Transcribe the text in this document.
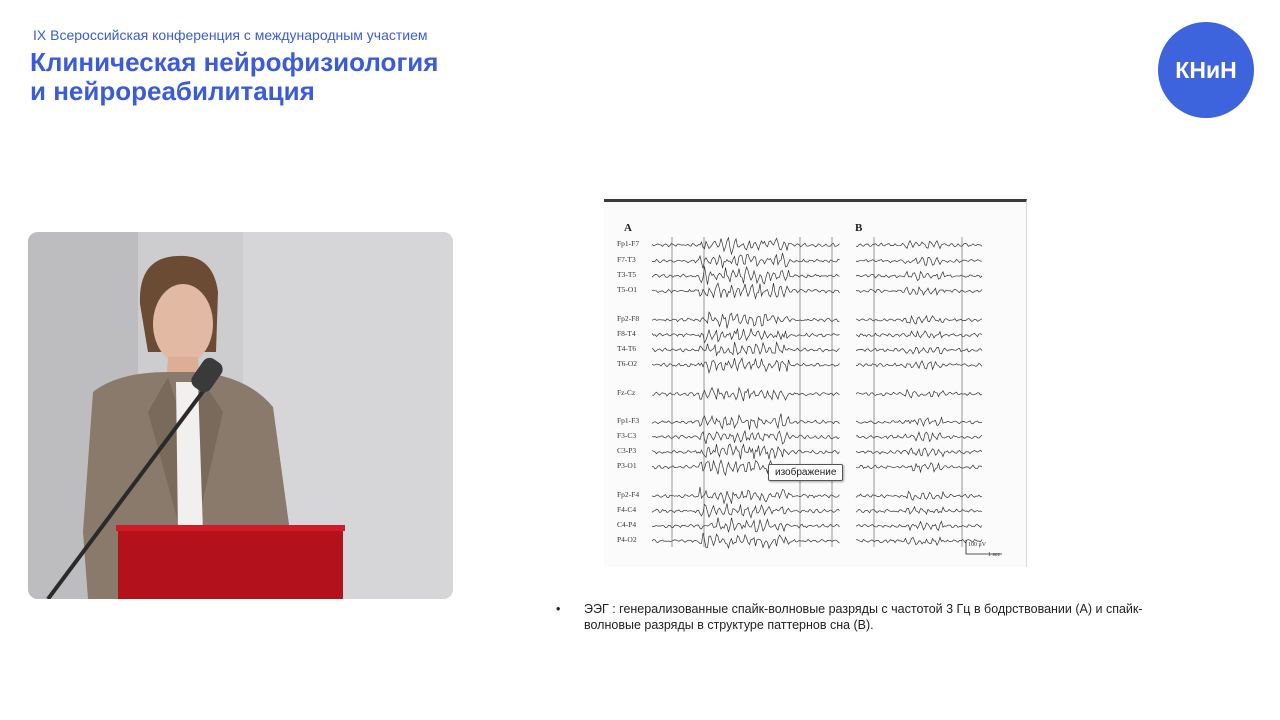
IX Всероссийская конференция с международным участием
Клиническая нейрофизиология
и нейрореабилитация
КНиН
A	B
Fp1-F7
F7-T3
T3-T5
T5-O1
Fp2-F8
F8-T4
T4-T6
T6-O2
Fz-Cz
Fp1-F3
F3-C3
C3-P3
P3-O1
Fp2-F4
F4-C4
C4-P4
P4-O2
100 μV
1 sec
изображение
• ЭЭГ : генерализованные спайк-волновые разряды с частотой 3 Гц в бодрствовании (А) и спайк-волновые разряды в структуре паттернов сна (В).
